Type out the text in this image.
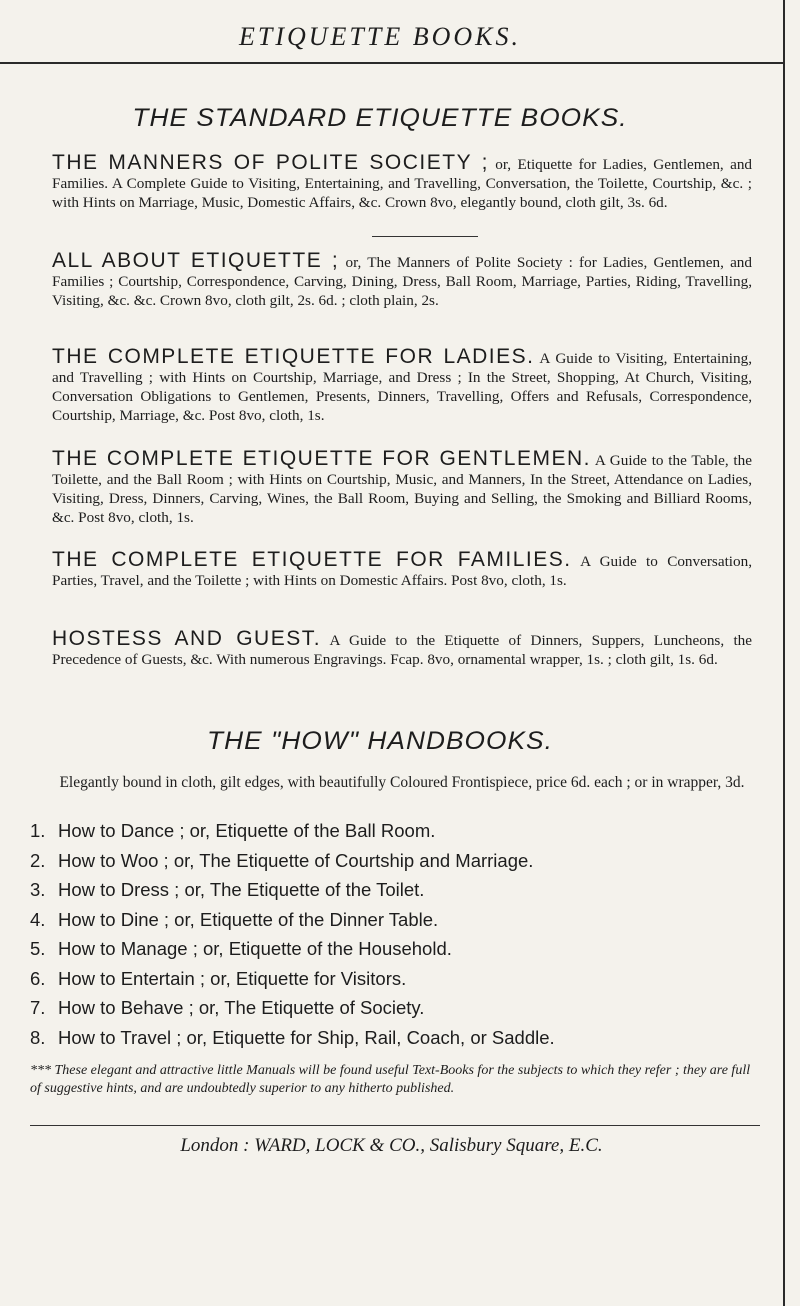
ETIQUETTE BOOKS.
THE STANDARD ETIQUETTE BOOKS.
THE MANNERS OF POLITE SOCIETY ; or, Etiquette for Ladies, Gentlemen, and Families. A Complete Guide to Visiting, Entertaining, and Travelling, Conversation, the Toilette, Courtship, &c. ; with Hints on Marriage, Music, Domestic Affairs, &c. Crown 8vo, elegantly bound, cloth gilt, 3s. 6d.
ALL ABOUT ETIQUETTE ; or, The Manners of Polite Society : for Ladies, Gentlemen, and Families ; Courtship, Correspondence, Carving, Dining, Dress, Ball Room, Marriage, Parties, Riding, Travelling, Visiting, &c. &c. Crown 8vo, cloth gilt, 2s. 6d. ; cloth plain, 2s.
THE COMPLETE ETIQUETTE FOR LADIES. A Guide to Visiting, Entertaining, and Travelling ; with Hints on Courtship, Marriage, and Dress ; In the Street, Shopping, At Church, Visiting, Conversation Obligations to Gentlemen, Presents, Dinners, Travelling, Offers and Refusals, Correspondence, Courtship, Marriage, &c. Post 8vo, cloth, 1s.
THE COMPLETE ETIQUETTE FOR GENTLEMEN. A Guide to the Table, the Toilette, and the Ball Room ; with Hints on Courtship, Music, and Manners, In the Street, Attendance on Ladies, Visiting, Dress, Dinners, Carving, Wines, the Ball Room, Buying and Selling, the Smoking and Billiard Rooms, &c. Post 8vo, cloth, 1s.
THE COMPLETE ETIQUETTE FOR FAMILIES. A Guide to Conversation, Parties, Travel, and the Toilette ; with Hints on Domestic Affairs. Post 8vo, cloth, 1s.
HOSTESS AND GUEST. A Guide to the Etiquette of Dinners, Suppers, Luncheons, the Precedence of Guests, &c. With numerous Engravings. Fcap. 8vo, ornamental wrapper, 1s. ; cloth gilt, 1s. 6d.
THE "HOW" HANDBOOKS.
Elegantly bound in cloth, gilt edges, with beautifully Coloured Frontispiece, price 6d. each ; or in wrapper, 3d.
1. How to Dance ; or, Etiquette of the Ball Room.
2. How to Woo ; or, The Etiquette of Courtship and Marriage.
3. How to Dress ; or, The Etiquette of the Toilet.
4. How to Dine ; or, Etiquette of the Dinner Table.
5. How to Manage ; or, Etiquette of the Household.
6. How to Entertain ; or, Etiquette for Visitors.
7. How to Behave ; or, The Etiquette of Society.
8. How to Travel ; or, Etiquette for Ship, Rail, Coach, or Saddle.
*** These elegant and attractive little Manuals will be found useful Text-Books for the subjects to which they refer ; they are full of suggestive hints, and are undoubtedly superior to any hitherto published.
London : WARD, LOCK & CO., Salisbury Square, E.C.
